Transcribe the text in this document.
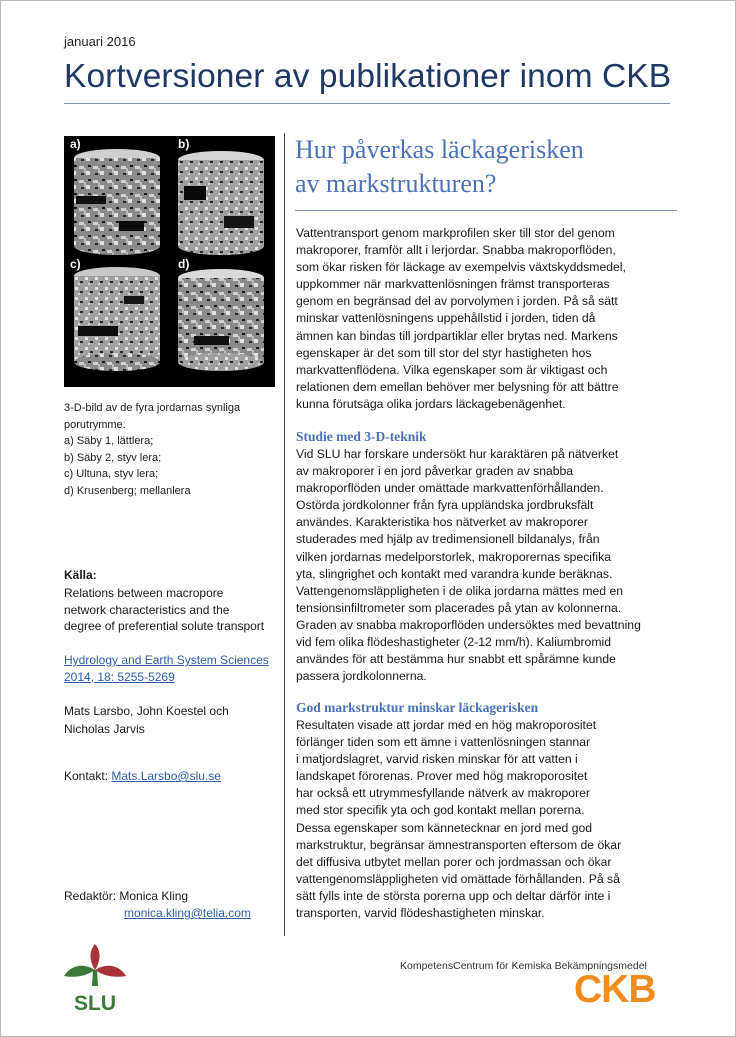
januari 2016
Kortversioner av publikationer inom CKB
a)	b)
c)	d)
3-D-bild av de fyra jordarnas synliga
porutrymme.
a) Säby 1, lättlera;
b) Säby 2, styv lera;
c) Ultuna, styv lera;
d) Krusenberg; mellanlera
Källa:
Relations between macropore
network characteristics and the
degree of preferential solute transport
Hydrology and Earth System Sciences
2014, 18: 5255-5269
Mats Larsbo, John Koestel och
Nicholas Jarvis
Kontakt: Mats.Larsbo@slu.se
Redaktör: Monica Kling
monica.kling@telia.com
Hur påverkas läckagerisken
av markstrukturen?
Vattentransport genom markprofilen sker till stor del genom
makroporer, framför allt i lerjordar. Snabba makroporflöden,
som ökar risken för läckage av exempelvis växtskyddsmedel,
uppkommer när markvattenlösningen främst transporteras
genom en begränsad del av porvolymen i jorden. På så sätt
minskar vattenlösningens uppehållstid i jorden, tiden då
ämnen kan bindas till jordpartiklar eller brytas ned. Markens
egenskaper är det som till stor del styr hastigheten hos
markvattenflödena. Vilka egenskaper som är viktigast och
relationen dem emellan behöver mer belysning för att bättre
kunna förutsäga olika jordars läckagebenägenhet.
Studie med 3-D-teknik
Vid SLU har forskare undersökt hur karaktären på nätverket
av makroporer i en jord påverkar graden av snabba
makroporflöden under omättade markvattenförhållanden.
Ostörda jordkolonner från fyra uppländska jordbruksfält
användes. Karakteristika hos nätverket av makroporer
studerades med hjälp av tredimensionell bildanalys, från
vilken jordarnas medelporstorlek, makroporernas specifika
yta, slingrighet och kontakt med varandra kunde beräknas.
Vattengenomsläppligheten i de olika jordarna mättes med en
tensionsinfiltrometer som placerades på ytan av kolonnerna.
Graden av snabba makroporflöden undersöktes med bevattning
vid fem olika flödeshastigheter (2-12 mm/h). Kaliumbromid
användes för att bestämma hur snabbt ett spårämne kunde
passera jordkolonnerna.
God markstruktur minskar läckagerisken
Resultaten visade att jordar med en hög makroporositet
förlänger tiden som ett ämne i vattenlösningen stannar
i matjordslagret, varvid risken minskar för att vatten i
landskapet förorenas. Prover med hög makroporositet
har också ett utrymmesfyllande nätverk av makroporer
med stor specifik yta och god kontakt mellan porerna.
Dessa egenskaper som kännetecknar en jord med god
markstruktur, begränsar ämnestransporten eftersom de ökar
det diffusiva utbytet mellan porer och jordmassan och ökar
vattengenomsläppligheten vid omättade förhållanden. På så
sätt fylls inte de största porerna upp och deltar därför inte i
transporten, varvid flödeshastigheten minskar.
SLU
KompetensCentrum för Kemiska Bekämpningsmedel
CKB
